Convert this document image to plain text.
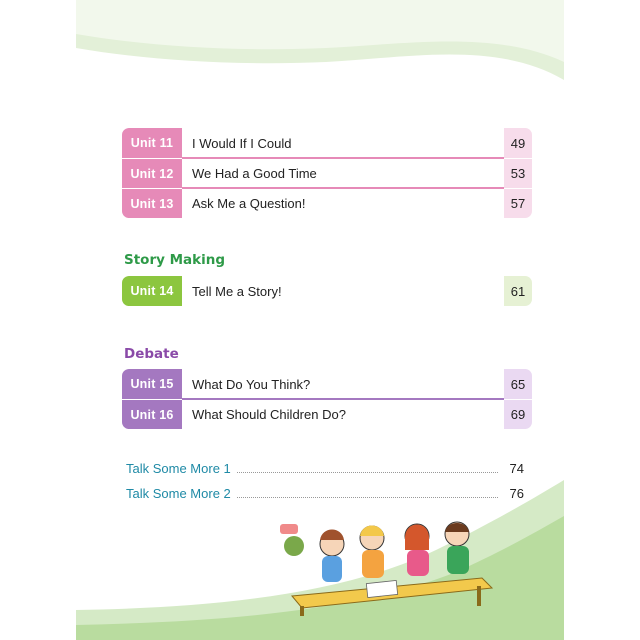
Unit 11	I Would If I Could	49
Unit 12	We Had a Good Time	53
Unit 13	Ask Me a Question!	57
Story Making
Unit 14	Tell Me a Story!	61
Debate
Unit 15	What Do You Think?	65
Unit 16	What Should Children Do?	69
Talk Some More 1	74
Talk Some More 2	76
